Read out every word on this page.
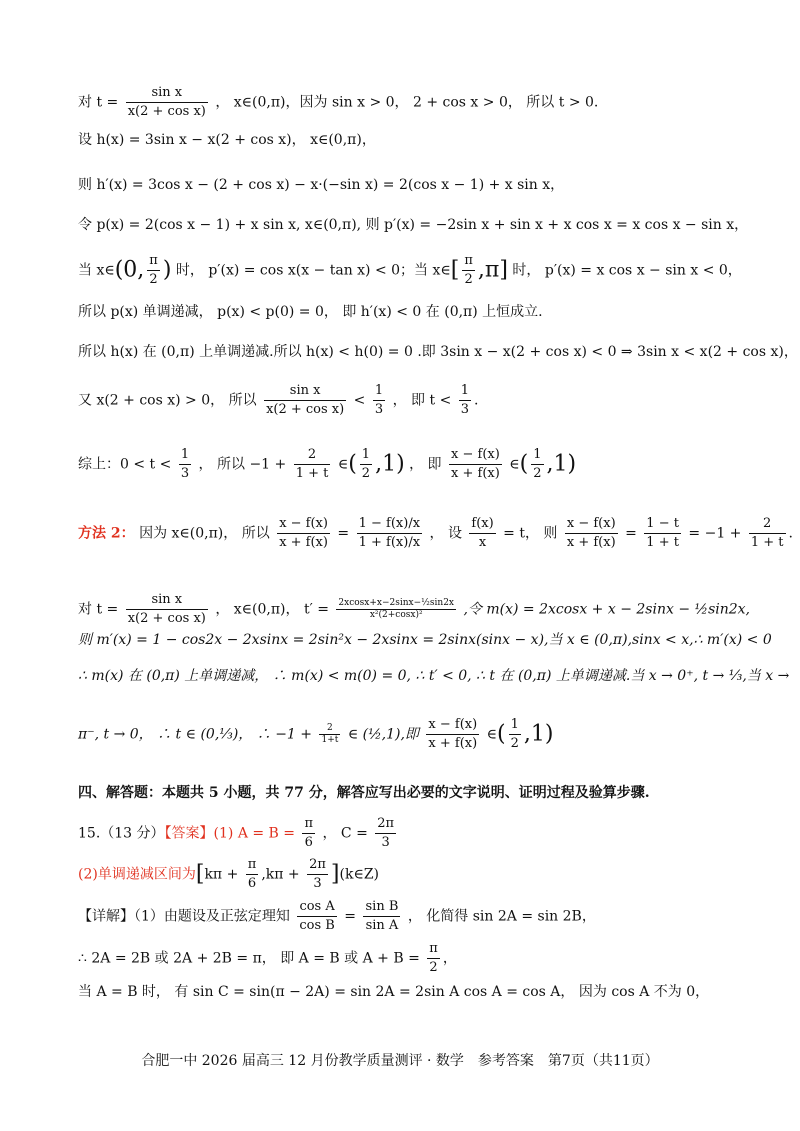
对 $t = \frac{\text{sin x}}{\text{x(2 + cos x)}}$ ， x∈(0,π)，因为 sin x > 0， 2 + cos x > 0， 所以 t > 0.
设 h(x) = 3sin x − x(2 + cos x)， x∈(0,π)，
则 h′(x) = 3cos x − (2 + cos x) − x·(−sin x) = 2(cos x − 1) + x sin x，
令 p(x) = 2(cos x − 1) + x sin x, x∈(0,π), 则 p′(x) = −2sin x + sin x + x cos x = x cos x − sin x，
当 x∈(0, $\frac{\pi}{2}$ ) 时， p′(x) = cos x(x − tan x) < 0；当 x∈[ $\frac{\pi}{2} ,\pi$] 时， p′(x) = x cos x − sin x < 0，
所以 p(x) 单调递减， p(x) < p(0) = 0， 即 h′(x) < 0 在 (0,π) 上恒成立.
所以 h(x) 在 (0,π) 上单调递减.所以 h(x) < h(0) = 0 .即 3sin x − x(2 + cos x) < 0 ⇒ 3sin x < x(2 + cos x)，
又 x(2 + cos x) > 0， 所以 $\frac{\text{sin x}}{\text{x(2 + cos x)}} < \frac{1}{3}$ ， 即 $t < \frac{1}{3}$ .
综上：$0 < t < \frac{1}{3}$ ， 所以 $-1 + \frac{2}{1 + t}$ ∈( $\frac{1}{2} ,1$) ， 即 $\frac{x - f(x)}{x + f(x)}$ ∈( $\frac{1}{2} ,1$)
方法 2： 因为 x∈(0,π)， 所以 $\frac{x - f(x)}{x + f(x)} = \frac{1 - f(x)/x}{1 + f(x)/x}$ ， 设 $\frac{f(x)}{x} = t$， 则 $\frac{x - f(x)}{x + f(x)} = \frac{1 - t}{1 + t} = -1 + \frac{2}{1 + t}$ .
对 $t = \frac{\text{sin x}}{\text{x(2 + cos x)}}$ ， x∈(0,π)， $t' = \frac{\text{2xcosx+x−2sinx−½sin2x}}{\text{x²(2+cosx)²}}$ ,令 m(x) = 2xcosx + x − 2sinx − ½sin2x,
则 m′(x) = 1 − cos2x − 2xsinx = 2sin²x − 2xsinx = 2sinx(sinx − x),当 x ∈ (0,π),sinx < x,∴ m′(x) < 0
∴ m(x) 在 (0,π) 上单调递减， ∴ m(x) < m(0) = 0, ∴ t′ < 0, ∴ t 在 (0,π) 上单调递减.当 x → 0⁺, t → ⅓,当 x →
π⁻, t → 0， ∴ t ∈ (0,⅓)， ∴ $-1 + \frac{2}{1+t}$ ∈ (½,1),即 $\frac{x - f(x)}{x + f(x)}$ ∈( $\frac{1}{2} ,1$)
四、解答题：本题共 5 小题，共 77 分，解答应写出必要的文字说明、证明过程及验算步骤.
15.（13 分）【答案】(1) $A = B = \frac{\pi}{6}$ ， $C = \frac{2\pi}{3}$
(2)单调递减区间为[$k\pi + \frac{\pi}{6} ,k\pi + \frac{2\pi}{3}$ ](k∈Z)
【详解】（1）由题设及正弦定理知 $\frac{\text{cos A}}{\text{cos B}} = \frac{\text{sin B}}{\text{sin A}}$ ， 化简得 sin 2A = sin 2B，
∴ 2A = 2B 或 2A + 2B = π， 即 A = B 或 $A + B = \frac{\pi}{2}$ ，
当 A = B 时， 有 sin C = sin(π − 2A) = sin 2A = 2sin A cos A = cos A， 因为 cos A 不为 0，
合肥一中 2026 届高三 12 月份教学质量测评 · 数学　参考答案　第7页（共11页）
